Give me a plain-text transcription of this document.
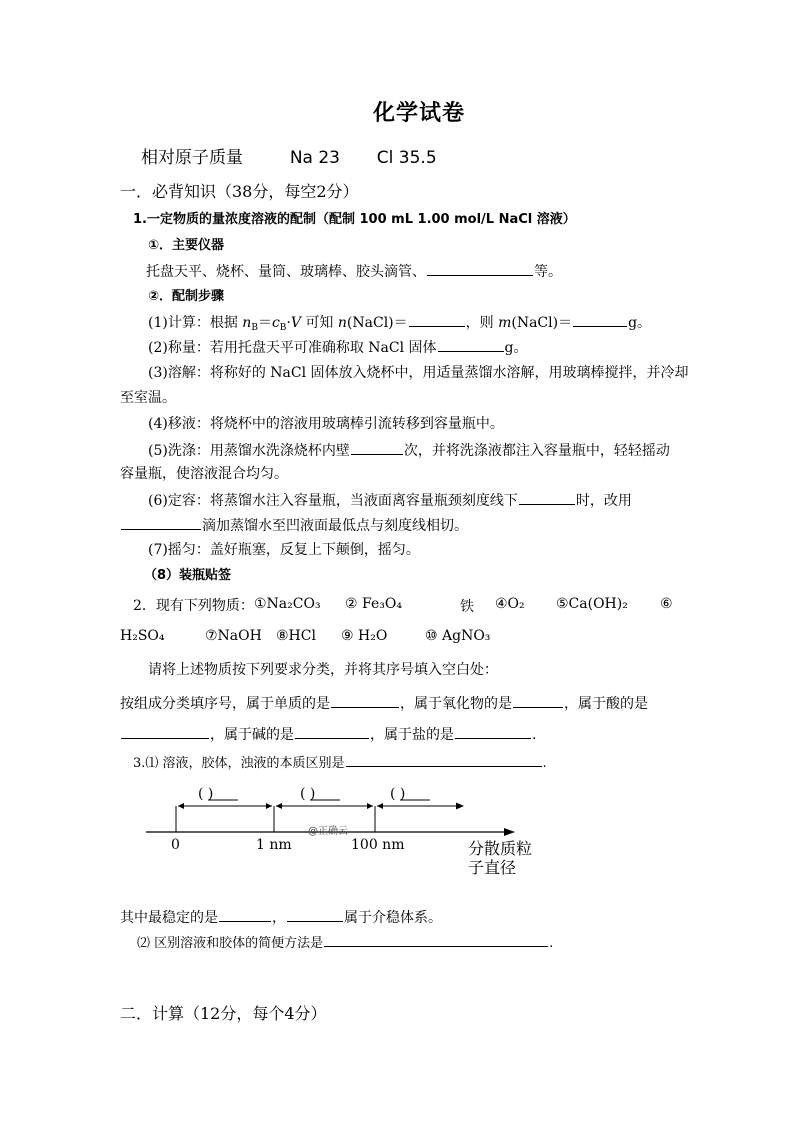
化学试卷
相对原子质量	Na 23 Cl 35.5
一．必背知识（38分，每空2分）
1.一定物质的量浓度溶液的配制（配制 100 mL 1.00 mol/L NaCl 溶液）
①．主要仪器
托盘天平、烧杯、量筒、玻璃棒、胶头滴管、	等。
②．配制步骤
(1)计算：根据 $n_B=c_B\cdot V$ 可知 n(NaCl)＝	，则 m(NaCl)＝	g。
(2)称量：若用托盘天平可准确称取 NaCl 固体	g。
(3)溶解：将称好的 NaCl 固体放入烧杯中，用适量蒸馏水溶解，用玻璃棒搅拌，并冷却
至室温。
(4)移液：将烧杯中的溶液用玻璃棒引流转移到容量瓶中。
(5)洗涤：用蒸馏水洗涤烧杯内壁	次，并将洗涤液都注入容量瓶中，轻轻摇动
容量瓶，使溶液混合均匀。
(6)定容：将蒸馏水注入容量瓶，当液面离容量瓶颈刻度线下	时，改用
滴加蒸馏水至凹液面最低点与刻度线相切。
(7)摇匀：盖好瓶塞，反复上下颠倒，摇匀。
（8）装瓶贴签
2．现有下列物质： ①Na₂CO₃ ② Fe₃O₄	铁 ④O₂ ⑤Ca(OH)₂ ⑥
H₂SO₄	⑦NaOH ⑧HCl ⑨ H₂O	⑩ AgNO₃
请将上述物质按下列要求分类，并将其序号填入空白处：
按组成分类填序号，属于单质的是	，属于氧化物的是	，属于酸的是
，属于碱的是	，属于盐的是	.
3.⑴ 溶液，胶体，浊液的本质区别是	.
( )	( )	( )
@正确云
0	1 nm	100 nm	分散质粒
子直径
其中最稳定的是	，	属于介稳体系。
⑵ 区别溶液和胶体的简便方法是	.
二．计算（12分，每个4分）
